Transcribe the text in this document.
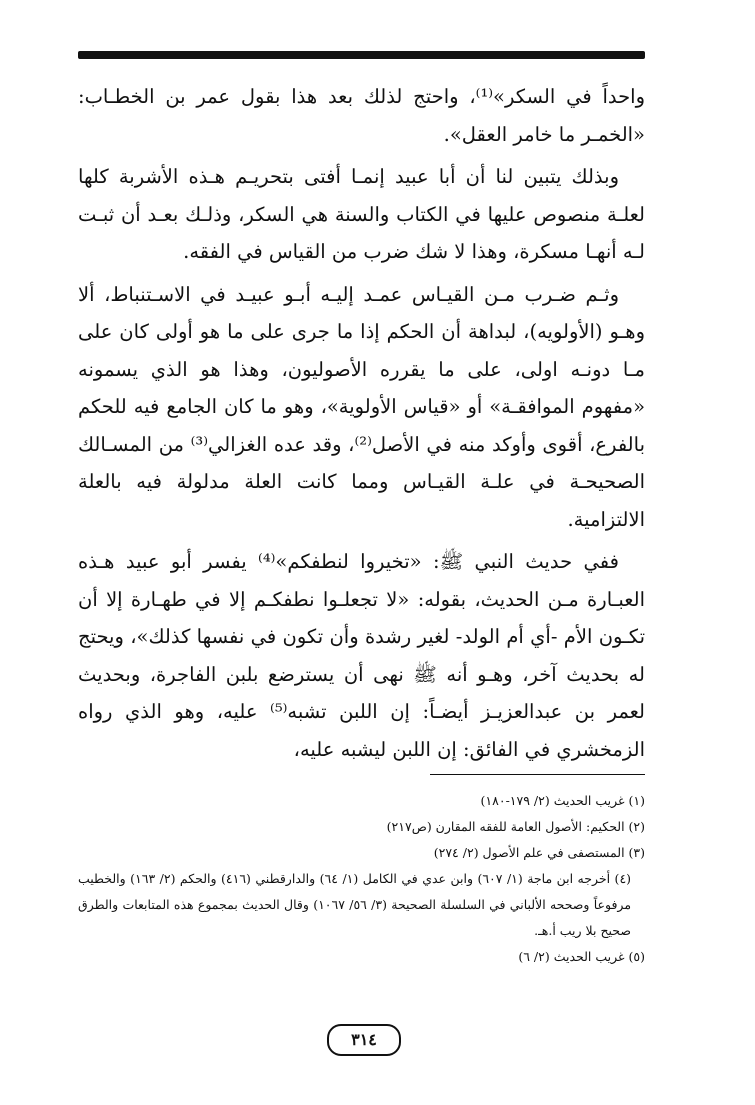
واحداً في السكر»⁽¹⁾، واحتج لذلك بعد هذا بقول عمر بن الخطـاب: «الخمـر ما خامر العقل».

وبذلك يتبين لنا أن أبا عبيد إنمـا أفتى بتحريـم هـذه الأشربة كلها لعلـة منصوص عليها في الكتاب والسنة هي السكر، وذلـك بعـد أن ثبـت لـه أنهـا مسكرة، وهذا لا شك ضرب من القياس في الفقه.

وثـم ضـرب مـن القيـاس عمـد إليـه أبـو عبيـد في الاسـتنباط، ألا وهـو (الأولويه)، لبداهة أن الحكم إذا ما جرى على ما هو أولى كان على مـا دونـه اولى، على ما يقرره الأصوليون، وهذا هو الذي يسمونه «مفهوم الموافقـة» أو «قياس الأولوية»، وهو ما كان الجامع فيه للحكم بالفرع، أقوى وأوكد منه في الأصل⁽²⁾، وقد عده الغزالي⁽³⁾ من المسـالك الصحيحـة في علـة القيـاس ومما كانت العلة مدلولة فيه بالعلة الالتزامية.

ففي حديث النبي ﷺ: «تخيروا لنطفكم»⁽⁴⁾ يفسر أبو عبيد هـذه العبـارة مـن الحديث، بقوله: «لا تجعلـوا نطفكـم إلا في طهـارة إلا أن تكـون الأم -أي أم الولد- لغير رشدة وأن تكون في نفسها كذلك»، ويحتج له بحديث آخر، وهـو أنه ﷺ نهى أن يسترضع بلبن الفاجرة، وبحديث لعمر بن عبدالعزيـز أيضـاً: إن اللبن تشبه⁽⁵⁾ عليه، وهو الذي رواه الزمخشري في الفائق: إن اللبن ليشبه عليه،

(١) غريب الحديث (٢/ ١٧٩-١٨٠)

(٢) الحكيم: الأصول العامة للفقه المقارن (ص٢١٧)

(٣) المستصفى في علم الأصول (٢/ ٢٧٤)

(٤) أخرجه ابن ماجة (١/ ٦٠٧) وابن عدي في الكامل (١/ ٦٤) والدارقطني (٤١٦) والحكم (٢/ ١٦٣) والخطيب مرفوعاً وصححه الألباني في السلسلة الصحيحة (٣/ ٥٦/ ١٠٦٧) وقال الحديث بمجموع هذه المتابعات والطرق صحيح بلا ريب أ.هـ.

(٥) غريب الحديث (٢/ ٦)

٣١٤
